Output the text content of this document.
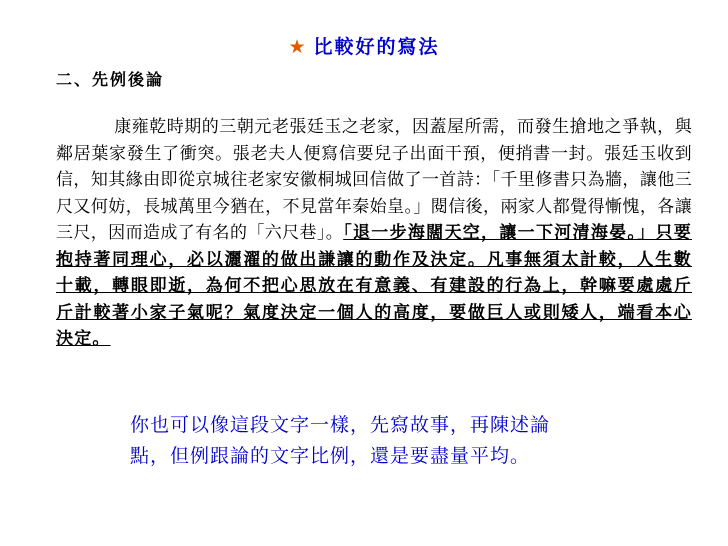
★ 比較好的寫法
二、先例後論
康雍乾時期的三朝元老張廷玉之老家，因蓋屋所需，而發生搶地之爭執，與鄰居葉家發生了衝突。張老夫人便寫信要兒子出面干預，便捎書一封。張廷玉收到信，知其緣由即從京城往老家安徽桐城回信做了一首詩：「千里修書只為牆，讓他三尺又何妨，長城萬里今猶在，不見當年秦始皇。」閱信後，兩家人都覺得慚愧，各讓三尺，因而造成了有名的「六尺巷」。「退一步海闊天空，讓一下河清海晏。」只要抱持著同理心，必以灑濯的做出謙讓的動作及決定。凡事無須太計較，人生數十載，轉眼即逝，為何不把心思放在有意義、有建設的行為上，幹嘛要處處斤斤計較著小家子氣呢？氣度決定一個人的高度，要做巨人或則矮人，端看本心決定。
你也可以像這段文字一樣，先寫故事，再陳述論點，但例跟論的文字比例，還是要盡量平均。
